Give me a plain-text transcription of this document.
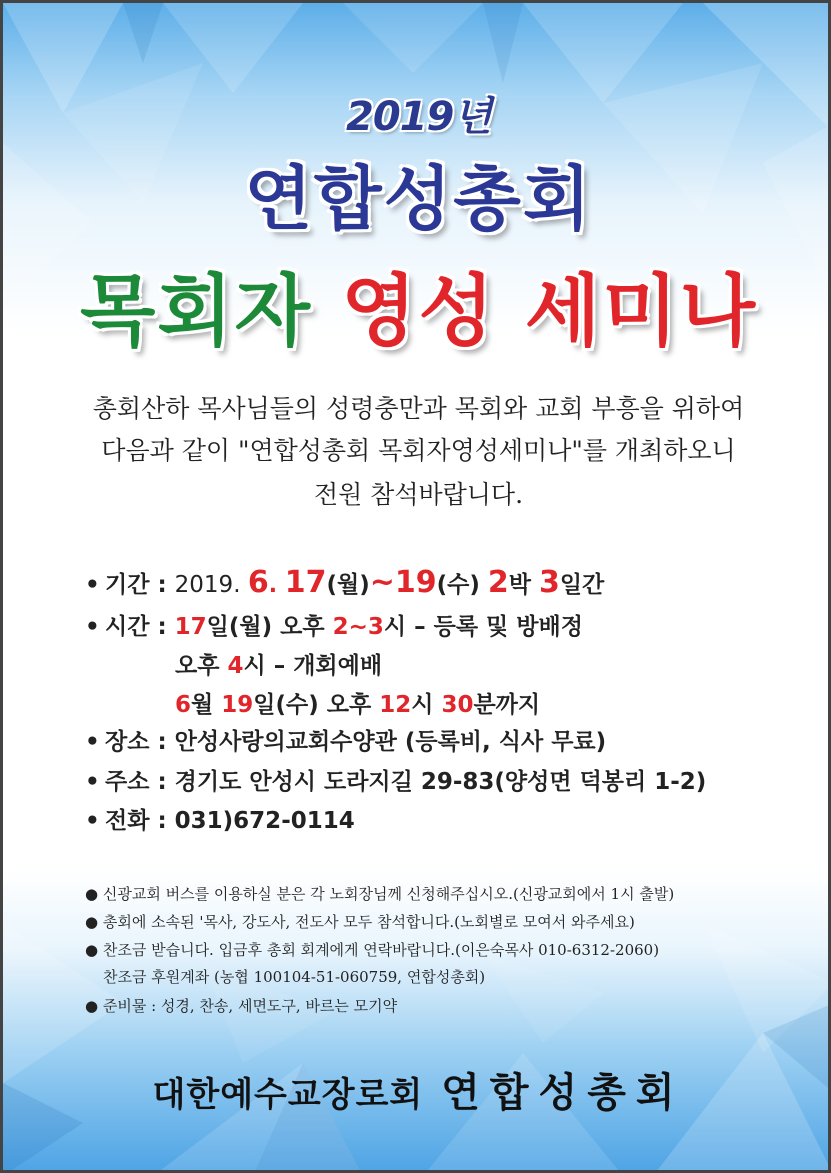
2019년
연합성총회
목회자 영성 세미나
총회산하 목사님들의 성령충만과 목회와 교회 부흥을 위하여
다음과 같이 "연합성총회 목회자영성세미나"를 개최하오니
전원 참석바랍니다.
• 기간 : 2019. 6. 17(월)~19(수) 2박 3일간
• 시간 : 17일(월) 오후 2~3시 – 등록 및 방배정
오후 4시 – 개회예배
6월 19일(수) 오후 12시 30분까지
• 장소 : 안성사랑의교회수양관 (등록비, 식사 무료)
• 주소 : 경기도 안성시 도라지길 29-83(양성면 덕봉리 1-2)
• 전화 : 031)672-0114
● 신광교회 버스를 이용하실 분은 각 노회장님께 신청해주십시오.(신광교회에서 1시 출발)
● 총회에 소속된 '목사, 강도사, 전도사 모두 참석합니다.(노회별로 모여서 와주세요)
● 찬조금 받습니다. 입금후 총회 회계에게 연락바랍니다.(이은숙목사 010-6312-2060)
찬조금 후원계좌 (농협 100104-51-060759, 연합성총회)
● 준비물 : 성경, 찬송, 세면도구, 바르는 모기약
대한예수교장로회 연합성총회
